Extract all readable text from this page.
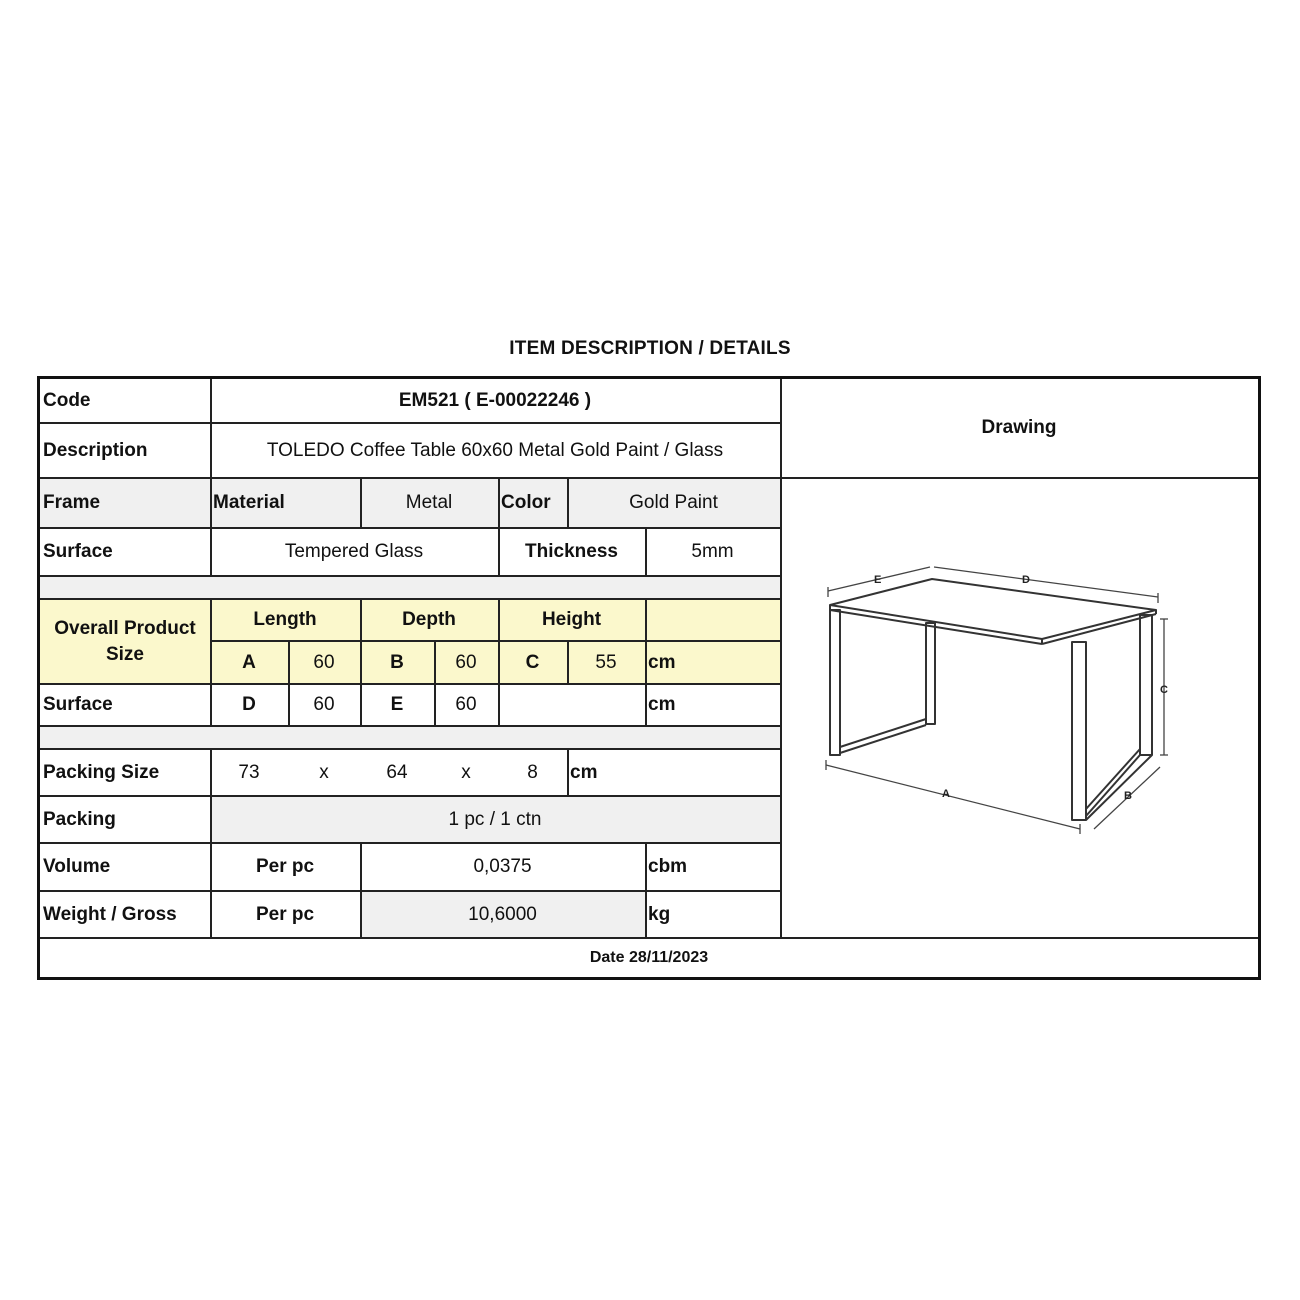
ITEM DESCRIPTION / DETAILS
Code	EM521 ( E-00022246 )
Description	TOLEDO Coffee Table 60x60 Metal Gold Paint / Glass
Drawing
Frame	Material	Metal	Color	Gold Paint
Surface	Tempered Glass	Thickness	5mm
Overall Product
Size
Length	Depth	Height
A	60	B	60	C	55	cm
Surface	D	60	E	60	cm
Packing Size	73	x	64	x	8	cm
Packing	1 pc / 1 ctn
Volume	Per pc	0,0375	cbm
Weight / Gross	Per pc	10,6000	kg
Date 28/11/2023
E	D
C
A	B
